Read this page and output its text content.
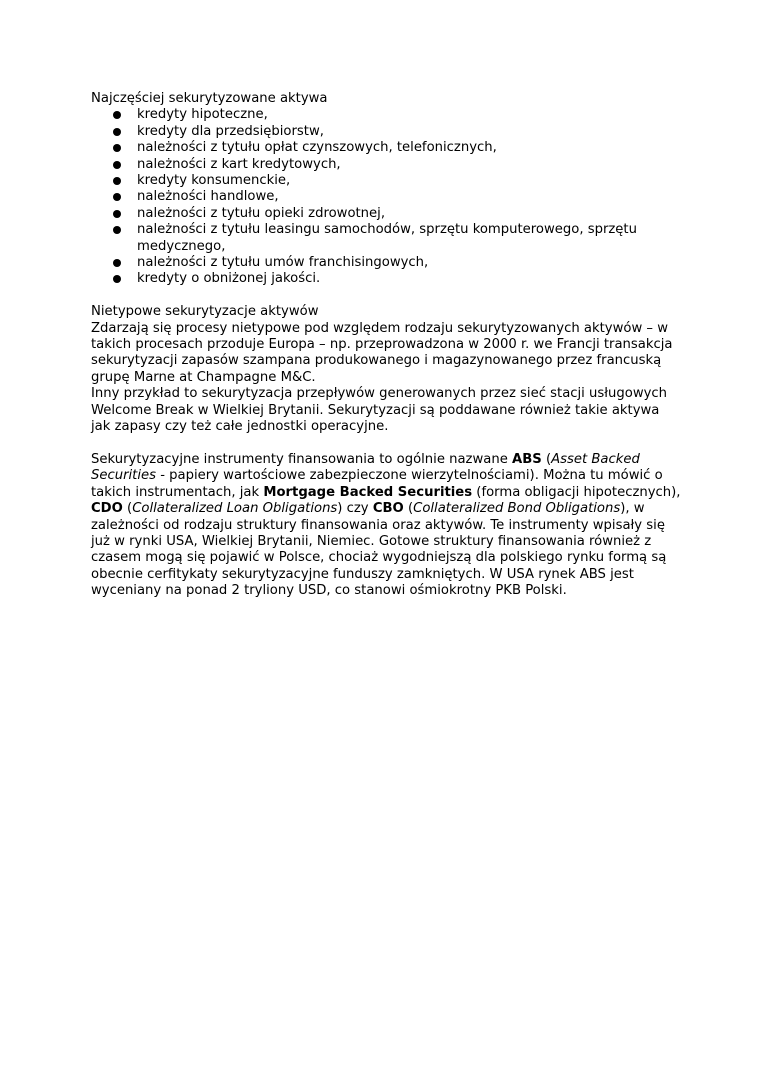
Najczęściej sekurytyzowane aktywa

kredyty hipoteczne,
kredyty dla przedsiębiorstw,
należności z tytułu opłat czynszowych, telefonicznych,
należności z kart kredytowych,
kredyty konsumenckie,
należności handlowe,
należności z tytułu opieki zdrowotnej,
należności z tytułu leasingu samochodów, sprzętu komputerowego, sprzętu medycznego,
należności z tytułu umów franchisingowych,
kredyty o obniżonej jakości.

Nietypowe sekurytyzacje aktywów

Zdarzają się procesy nietypowe pod względem rodzaju sekurytyzowanych aktywów – w takich procesach przoduje Europa – np. przeprowadzona w 2000 r. we Francji transakcja sekurytyzacji zapasów szampana produkowanego i magazynowanego przez francuską grupę Marne at Champagne M&C.

Inny przykład to sekurytyzacja przepływów generowanych przez sieć stacji usługowych Welcome Break w Wielkiej Brytanii. Sekurytyzacji są poddawane również takie aktywa jak zapasy czy też całe jednostki operacyjne.

Sekurytyzacyjne instrumenty finansowania to ogólnie nazwane ABS (Asset Backed Securities - papiery wartościowe zabezpieczone wierzytelnościami). Można tu mówić o takich instrumentach, jak Mortgage Backed Securities (forma obligacji hipotecznych), CDO (Collateralized Loan Obligations) czy CBO (Collateralized Bond Obligations), w zależności od rodzaju struktury finansowania oraz aktywów. Te instrumenty wpisały się już w rynki USA, Wielkiej Brytanii, Niemiec. Gotowe struktury finansowania również z czasem mogą się pojawić w Polsce, chociaż wygodniejszą dla polskiego rynku formą są obecnie cerfitykaty sekurytyzacyjne funduszy zamkniętych. W USA rynek ABS jest wyceniany na ponad 2 tryliony USD, co stanowi ośmiokrotny PKB Polski.
